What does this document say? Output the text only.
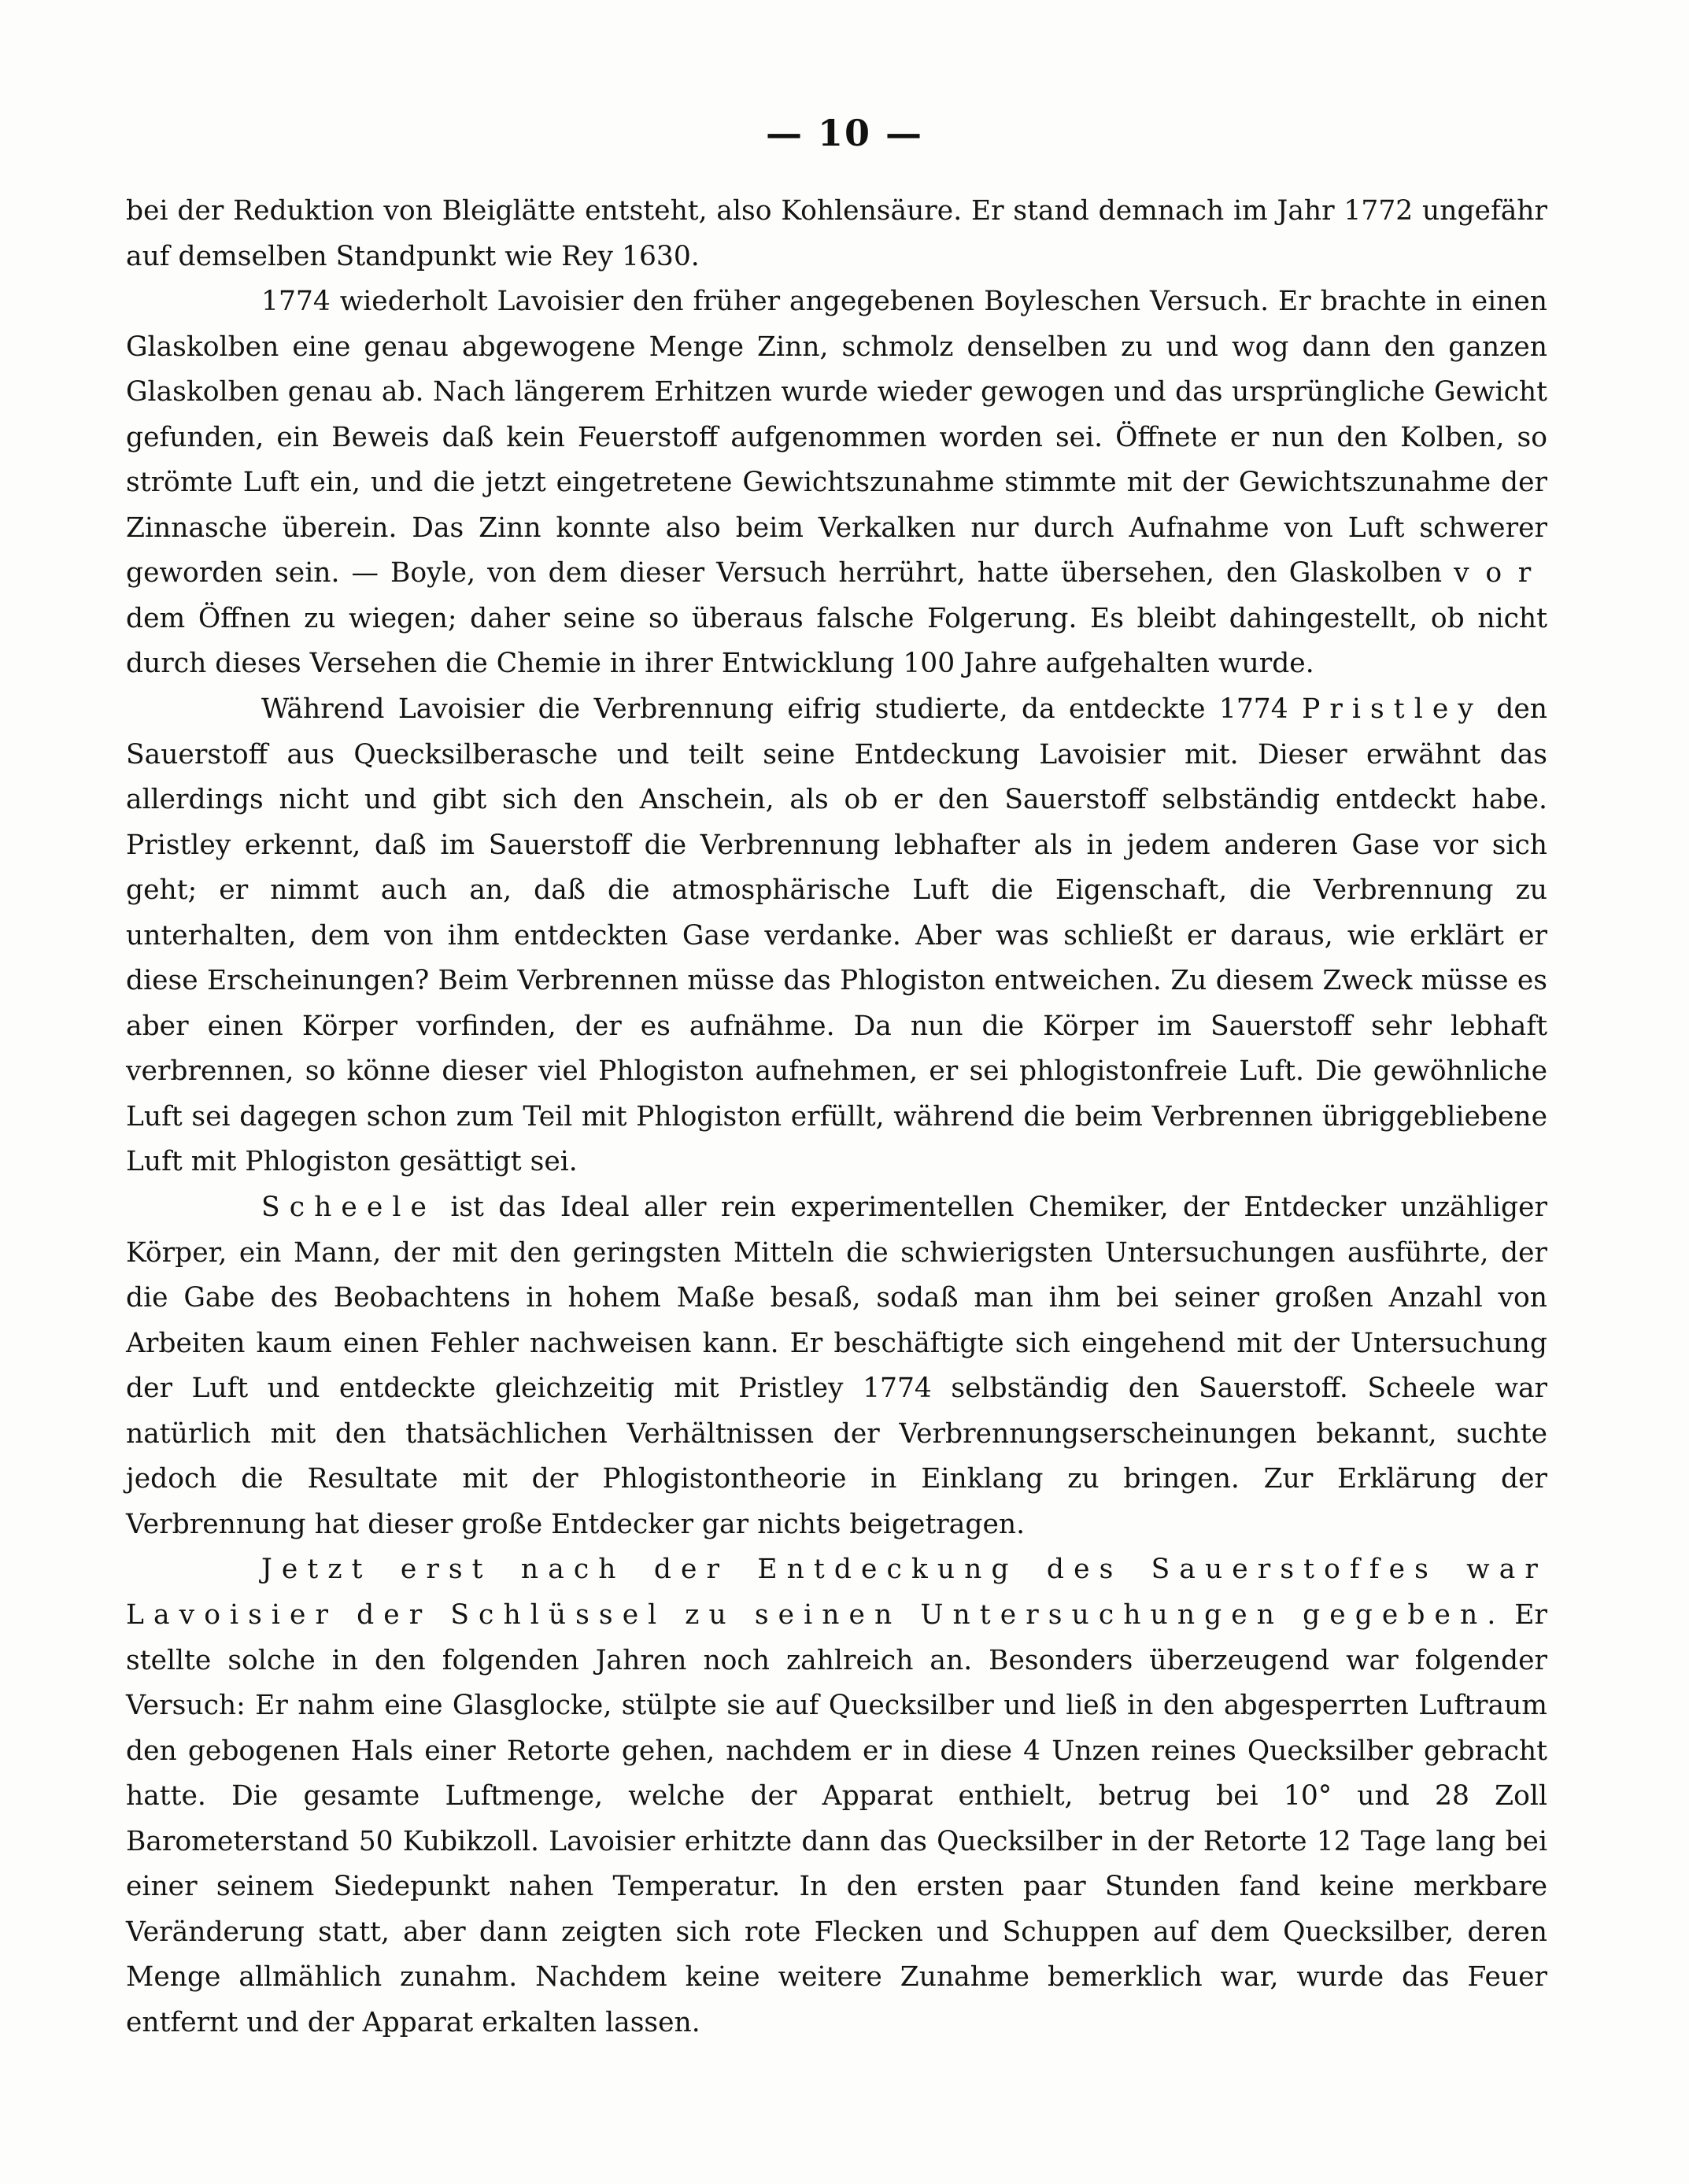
— 10 —

bei der Reduktion von Bleiglätte entsteht, also Kohlensäure. Er stand demnach im Jahr 1772 ungefähr auf demselben Standpunkt wie Rey 1630.

1774 wiederholt Lavoisier den früher angegebenen Boyleschen Versuch. Er brachte in einen Glaskolben eine genau abgewogene Menge Zinn, schmolz denselben zu und wog dann den ganzen Glaskolben genau ab. Nach längerem Erhitzen wurde wieder gewogen und das ursprüngliche Gewicht gefunden, ein Beweis daß kein Feuerstoff aufgenommen worden sei. Öffnete er nun den Kolben, so strömte Luft ein, und die jetzt eingetretene Gewichtszunahme stimmte mit der Gewichtszunahme der Zinnasche überein. Das Zinn konnte also beim Verkalken nur durch Aufnahme von Luft schwerer geworden sein. — Boyle, von dem dieser Versuch herrührt, hatte übersehen, den Glaskolben vor dem Öffnen zu wiegen; daher seine so überaus falsche Folgerung. Es bleibt dahingestellt, ob nicht durch dieses Versehen die Chemie in ihrer Entwicklung 100 Jahre aufgehalten wurde.

Während Lavoisier die Verbrennung eifrig studierte, da entdeckte 1774 Pristley den Sauerstoff aus Quecksilberasche und teilt seine Entdeckung Lavoisier mit. Dieser erwähnt das allerdings nicht und gibt sich den Anschein, als ob er den Sauerstoff selbständig entdeckt habe. Pristley erkennt, daß im Sauerstoff die Verbrennung lebhafter als in jedem anderen Gase vor sich geht; er nimmt auch an, daß die atmosphärische Luft die Eigenschaft, die Verbrennung zu unterhalten, dem von ihm entdeckten Gase verdanke. Aber was schließt er daraus, wie erklärt er diese Erscheinungen? Beim Verbrennen müsse das Phlogiston entweichen. Zu diesem Zweck müsse es aber einen Körper vorfinden, der es aufnähme. Da nun die Körper im Sauerstoff sehr lebhaft verbrennen, so könne dieser viel Phlogiston aufnehmen, er sei phlogistonfreie Luft. Die gewöhnliche Luft sei dagegen schon zum Teil mit Phlogiston erfüllt, während die beim Verbrennen übriggebliebene Luft mit Phlogiston gesättigt sei.

Scheele ist das Ideal aller rein experimentellen Chemiker, der Entdecker unzähliger Körper, ein Mann, der mit den geringsten Mitteln die schwierigsten Untersuchungen ausführte, der die Gabe des Beobachtens in hohem Maße besaß, sodaß man ihm bei seiner großen Anzahl von Arbeiten kaum einen Fehler nachweisen kann. Er beschäftigte sich eingehend mit der Untersuchung der Luft und entdeckte gleichzeitig mit Pristley 1774 selbständig den Sauerstoff. Scheele war natürlich mit den thatsächlichen Verhältnissen der Verbrennungserscheinungen bekannt, suchte jedoch die Resultate mit der Phlogistontheorie in Einklang zu bringen. Zur Erklärung der Verbrennung hat dieser große Entdecker gar nichts beigetragen.

Jetzt erst nach der Entdeckung des Sauerstoffes war Lavoisier der Schlüssel zu seinen Untersuchungen gegeben. Er stellte solche in den folgenden Jahren noch zahlreich an. Besonders überzeugend war folgender Versuch: Er nahm eine Glasglocke, stülpte sie auf Quecksilber und ließ in den abgesperrten Luftraum den gebogenen Hals einer Retorte gehen, nachdem er in diese 4 Unzen reines Quecksilber gebracht hatte. Die gesamte Luftmenge, welche der Apparat enthielt, betrug bei 10° und 28 Zoll Barometerstand 50 Kubikzoll. Lavoisier erhitzte dann das Quecksilber in der Retorte 12 Tage lang bei einer seinem Siedepunkt nahen Temperatur. In den ersten paar Stunden fand keine merkbare Veränderung statt, aber dann zeigten sich rote Flecken und Schuppen auf dem Quecksilber, deren Menge allmählich zunahm. Nachdem keine weitere Zunahme bemerklich war, wurde das Feuer entfernt und der Apparat erkalten lassen.
